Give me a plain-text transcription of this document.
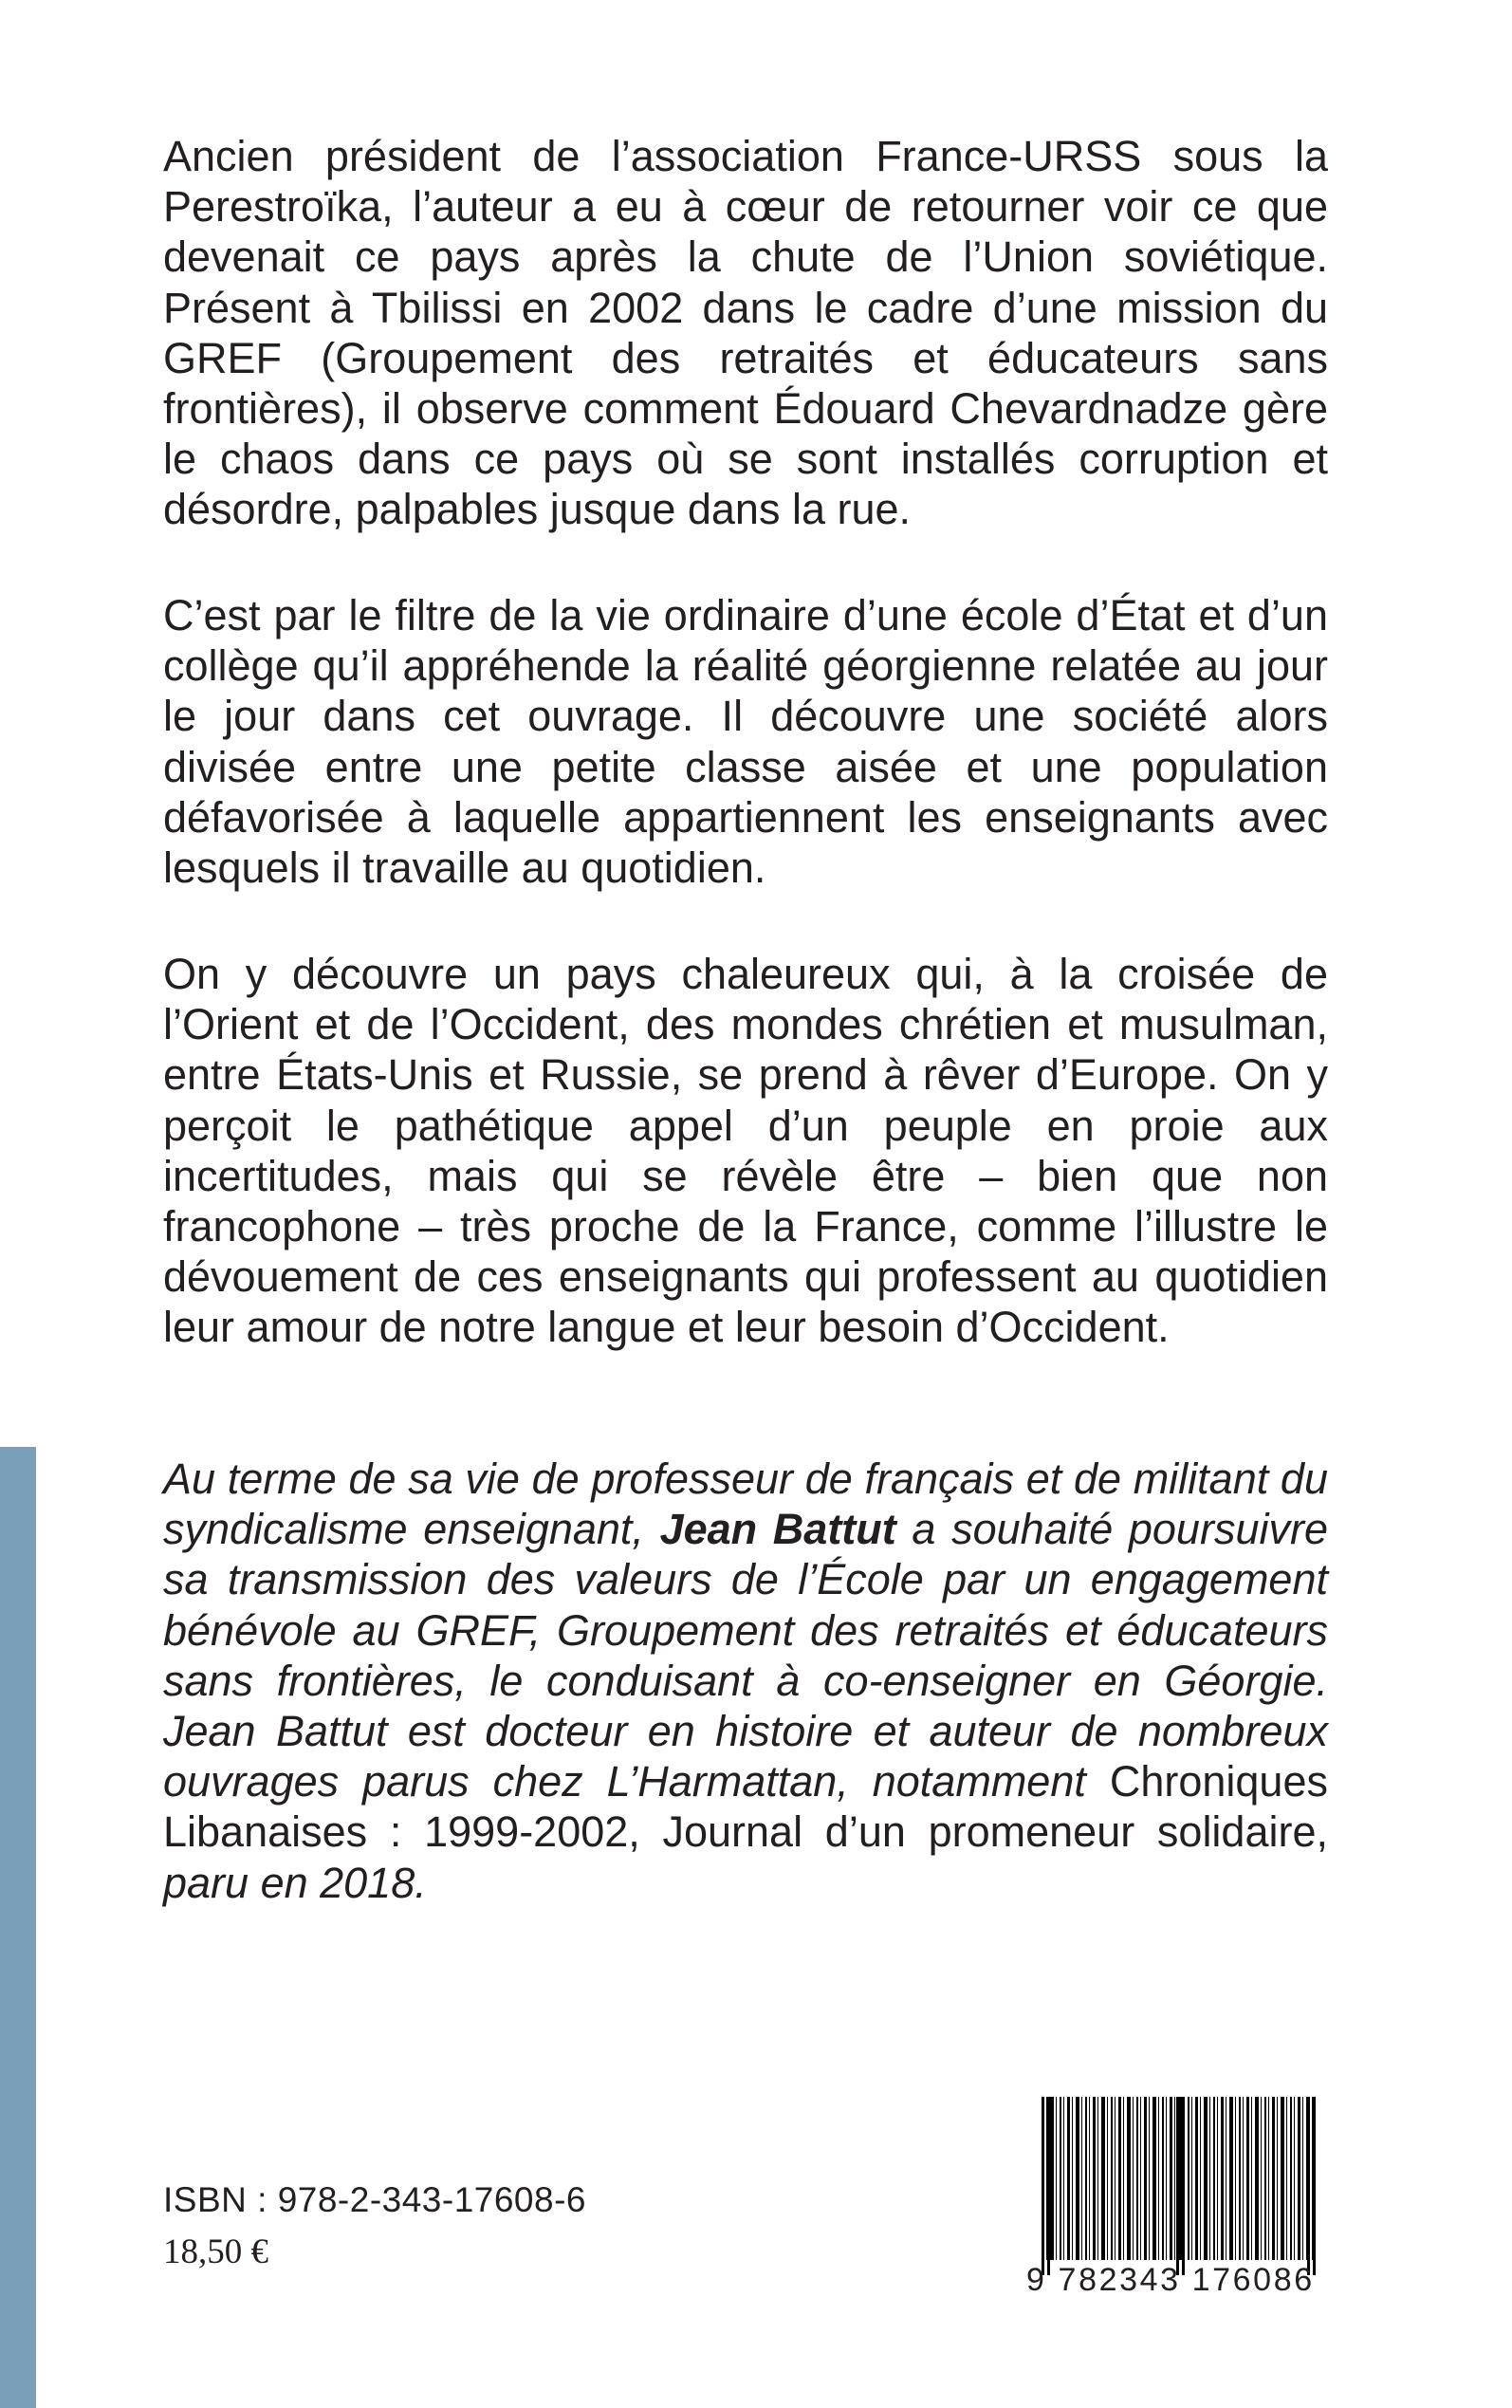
Ancien président de l’association France-URSS sous la Perestroïka, l’auteur a eu à cœur de retourner voir ce que devenait ce pays après la chute de l’Union soviétique. Présent à Tbilissi en 2002 dans le cadre d’une mission du GREF (Groupement des retraités et éducateurs sans frontières), il observe comment Édouard Chevardnadze gère le chaos dans ce pays où se sont installés corruption et désordre, palpables jusque dans la rue.

C’est par le filtre de la vie ordinaire d’une école d’État et d’un collège qu’il appréhende la réalité géorgienne relatée au jour le jour dans cet ouvrage. Il découvre une société alors divisée entre une petite classe aisée et une population défavorisée à laquelle appartiennent les enseignants avec lesquels il travaille au quotidien.

On y découvre un pays chaleureux qui, à la croisée de l’Orient et de l’Occident, des mondes chrétien et musulman, entre États-Unis et Russie, se prend à rêver d’Europe. On y perçoit le pathétique appel d’un peuple en proie aux incertitudes, mais qui se révèle être – bien que non francophone – très proche de la France, comme l’illustre le dévouement de ces enseignants qui professent au quotidien leur amour de notre langue et leur besoin d’Occident.

Au terme de sa vie de professeur de français et de militant du syndicalisme enseignant, Jean Battut a souhaité poursuivre sa transmission des valeurs de l’École par un engagement bénévole au GREF, Groupement des retraités et éducateurs sans frontières, le conduisant à co-enseigner en Géorgie. Jean Battut est docteur en histoire et auteur de nombreux ouvrages parus chez L’Harmattan, notamment Chroniques Libanaises : 1999-2002, Journal d’un promeneur solidaire, paru en 2018.

ISBN : 978-2-343-17608-6
18,50 €
9 782343 176086
